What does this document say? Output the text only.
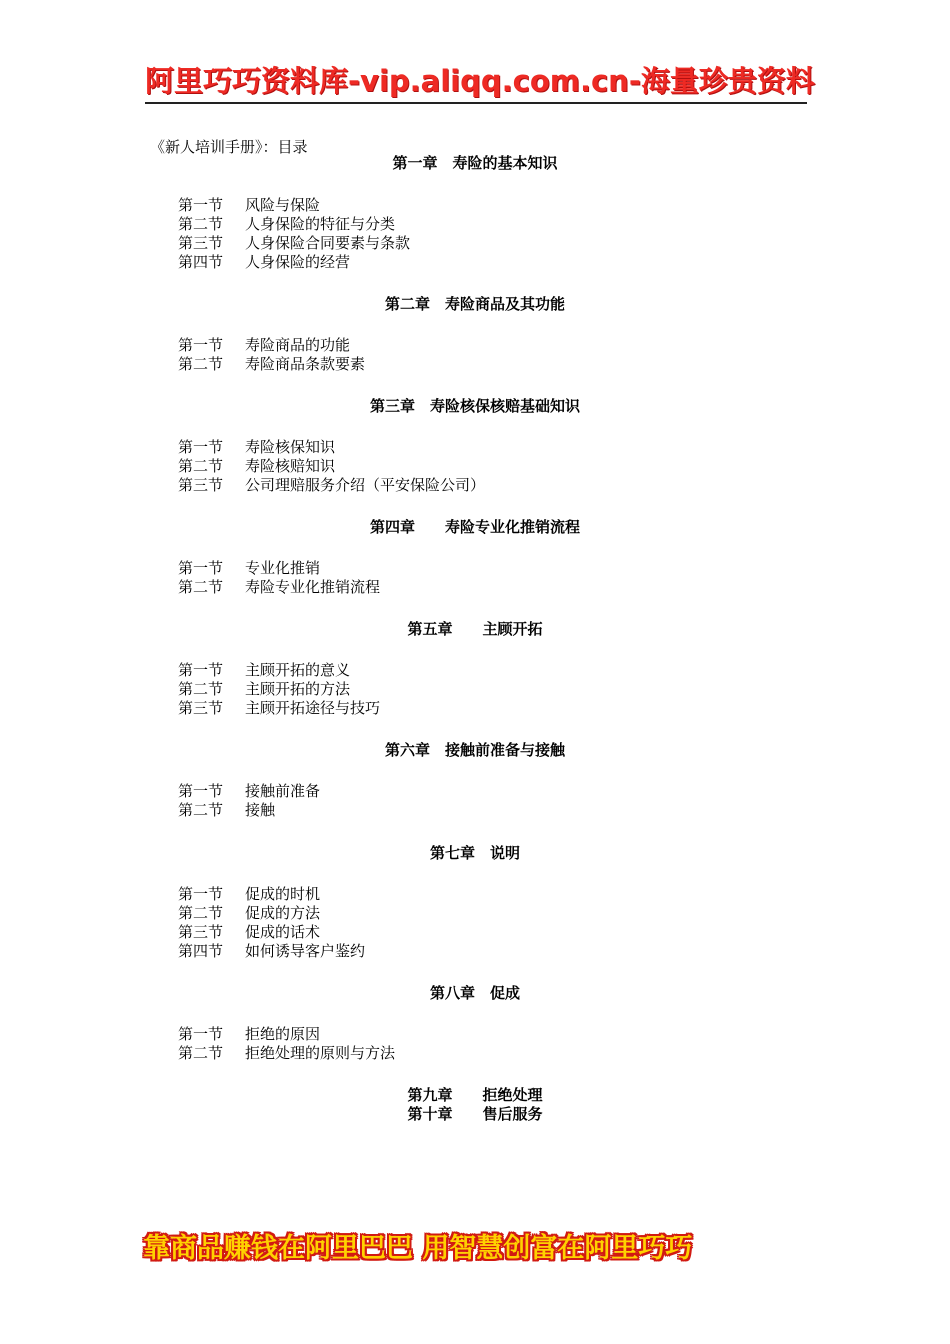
阿里巧巧资料库-vip.aliqq.com.cn-海量珍贵资料
《新人培训手册》：目录
第一章　寿险的基本知识
第一节 风险与保险
第二节 人身保险的特征与分类
第三节 人身保险合同要素与条款
第四节 人身保险的经营
第二章　寿险商品及其功能
第一节 寿险商品的功能
第二节 寿险商品条款要素
第三章　寿险核保核赔基础知识
第一节 寿险核保知识
第二节 寿险核赔知识
第三节 公司理赔服务介绍（平安保险公司）
第四章　　寿险专业化推销流程
第一节 专业化推销
第二节 寿险专业化推销流程
第五章　　主顾开拓
第一节 主顾开拓的意义
第二节 主顾开拓的方法
第三节 主顾开拓途径与技巧
第六章　接触前准备与接触
第一节 接触前准备
第二节 接触
第七章　说明
第一节 促成的时机
第二节 促成的方法
第三节 促成的话术
第四节 如何诱导客户鉴约
第八章　促成
第一节 拒绝的原因
第二节 拒绝处理的原则与方法
第九章　　拒绝处理
第十章　　售后服务
靠商品赚钱在阿里巴巴 用智慧创富在阿里巧巧
